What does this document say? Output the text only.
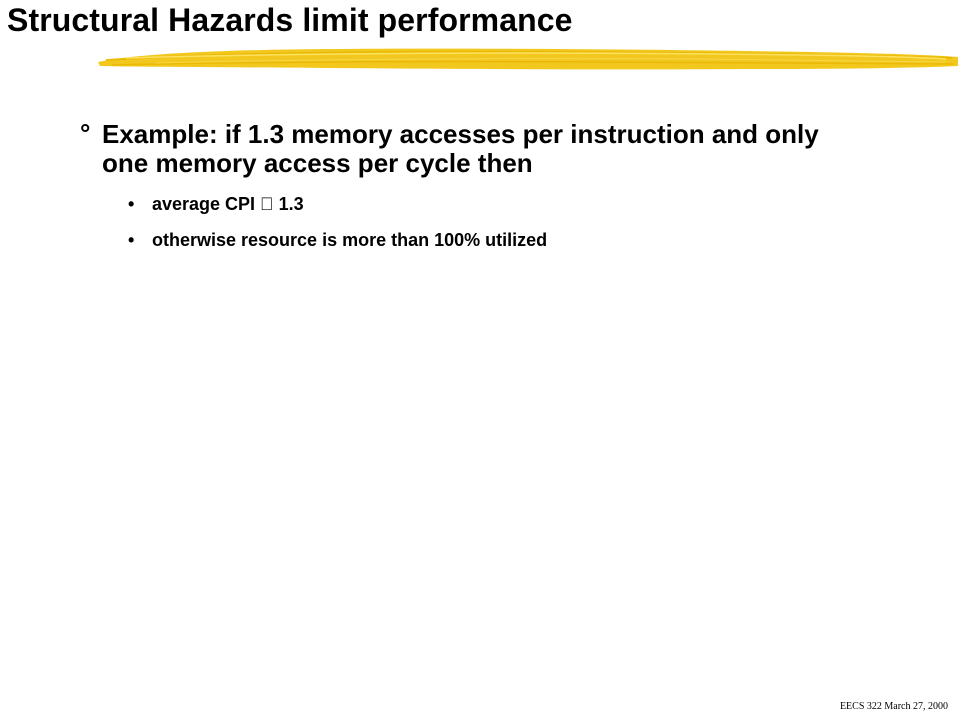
Structural Hazards limit performance
° Example: if 1.3 memory accesses per instruction and only one memory access per cycle then
• average CPI 1.3
• otherwise resource is more than 100% utilized
EECS 322 March 27, 2000
